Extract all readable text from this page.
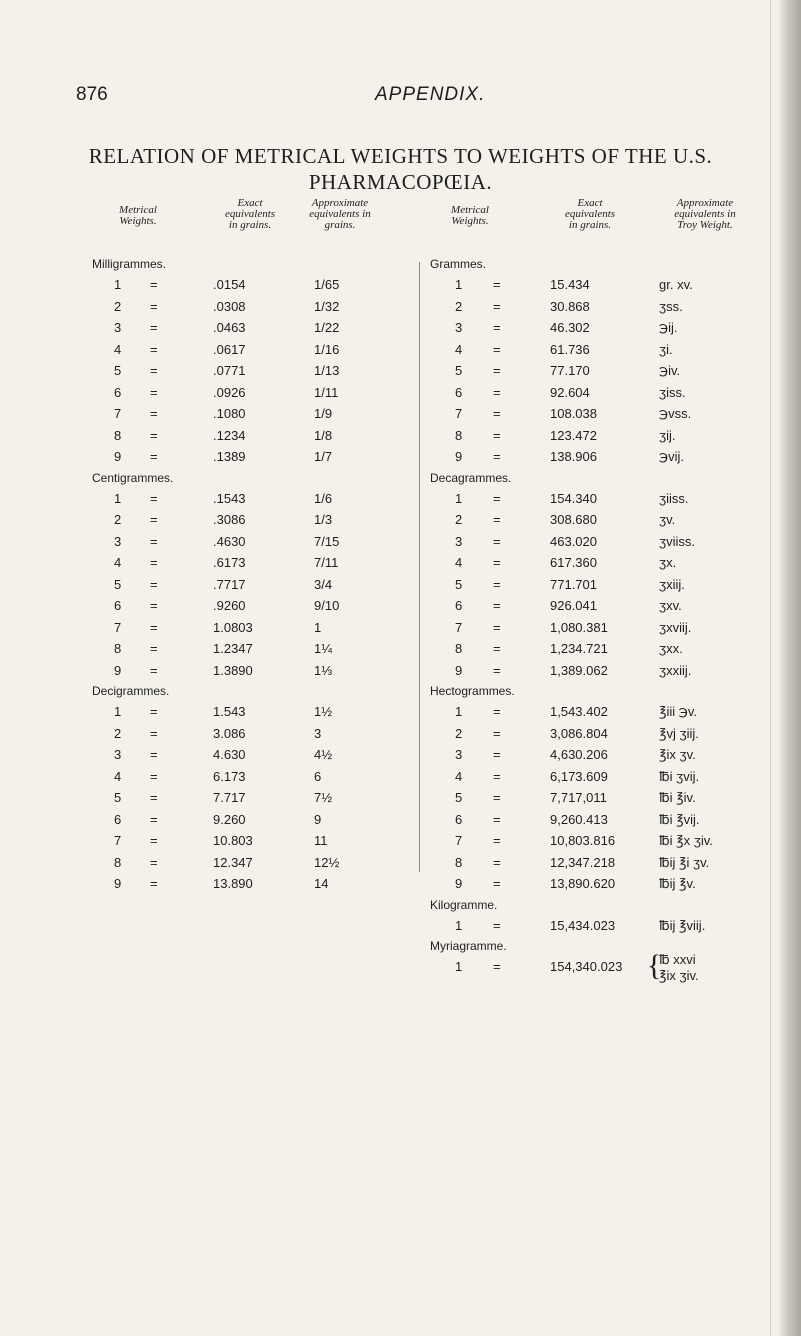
876	APPENDIX.
RELATION OF METRICAL WEIGHTS TO WEIGHTS OF THE U.S.
PHARMACOPŒIA.
Metrical
Weights.
Exact
equivalents
in grains.
Approximate
equivalents in
grains.
Metrical
Weights.
Exact
equivalents
in grains.
Approximate
equivalents in
Troy Weight.
Milligrammes.
1 =	.0154	1/65
2 =	.0308	1/32
3 =	.0463	1/22
4 =	.0617	1/16
5 =	.0771	1/13
6 =	.0926	1/11
7 =	.1080	1/9
8 =	.1234	1/8
9 =	.1389	1/7
Centigrammes.
1 =	.1543	1/6
2 =	.3086	1/3
3 =	.4630	7/15
4 =	.6173	7/11
5 =	.7717	3/4
6 =	.9260	9/10
7 =	1.0803	1
8 =	1.2347	1¼
9 =	1.3890	1⅓
Decigrammes.
1 =	1.543	1½
2 =	3.086	3
3 =	4.630	4½
4 =	6.173	6
5 =	7.717	7½
6 =	9.260	9
7 =	10.803	11
8 =	12.347	12½
9 =	13.890	14
Grammes.
1 =	15.434	gr. xv.
2 =	30.868	ʒss.
3 =	46.302	℈ij.
4 =	61.736	ʒi.
5 =	77.170	℈iv.
6 =	92.604	ʒiss.
7 =	108.038	℈vss.
8 =	123.472	ʒij.
9 =	138.906	℈vij.
Decagrammes.
1 =	154.340	ʒiiss.
2 =	308.680	ʒv.
3 =	463.020	ʒviiss.
4 =	617.360	ʒx.
5 =	771.701	ʒxiij.
6 =	926.041	ʒxv.
7 =	1,080.381	ʒxviij.
8 =	1,234.721	ʒxx.
9 =	1,389.062	ʒxxiij.
Hectogrammes.
1 =	1,543.402	℥iii ℈v.
2 =	3,086.804	℥vj ʒiij.
3 =	4,630.206	℥ix ʒv.
4 =	6,173.609	℔i ʒvij.
5 =	7,717,011	℔i ℥iv.
6 =	9,260.413	℔i ℥vij.
7 =	10,803.816	℔i ℥x ʒiv.
8 =	12,347.218	℔ij ℥i ʒv.
9 =	13,890.620	℔ij ℥v.
Kilogramme.
1 =	15,434.023	℔ij ℥viij.
Myriagramme.
1 =	154,340.023 {
℔ xxvi
℥ix ʒiv.
